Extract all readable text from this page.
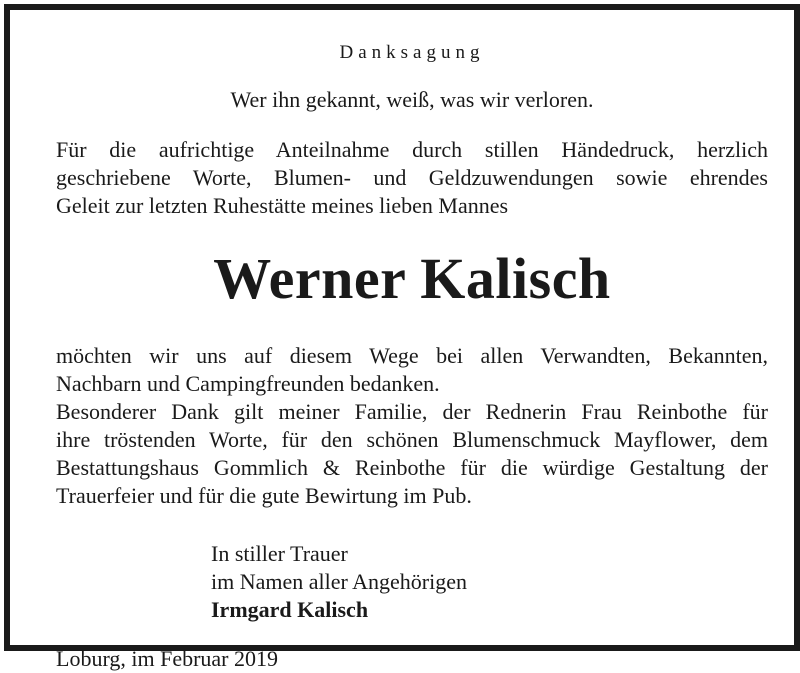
Danksagung

Wer ihn gekannt, weiß, was wir verloren.

Für die aufrichtige Anteilnahme durch stillen Händedruck, herzlich
geschriebene Worte, Blumen- und Geldzuwendungen sowie ehrendes
Geleit zur letzten Ruhestätte meines lieben Mannes

Werner Kalisch

möchten wir uns auf diesem Wege bei allen Verwandten, Bekannten,
Nachbarn und Campingfreunden bedanken.
Besonderer Dank gilt meiner Familie, der Rednerin Frau Reinbothe für
ihre tröstenden Worte, für den schönen Blumenschmuck Mayflower, dem
Bestattungshaus Gommlich & Reinbothe für die würdige Gestaltung der
Trauerfeier und für die gute Bewirtung im Pub.

In stiller Trauer
im Namen aller Angehörigen
Irmgard Kalisch

Loburg, im Februar 2019
